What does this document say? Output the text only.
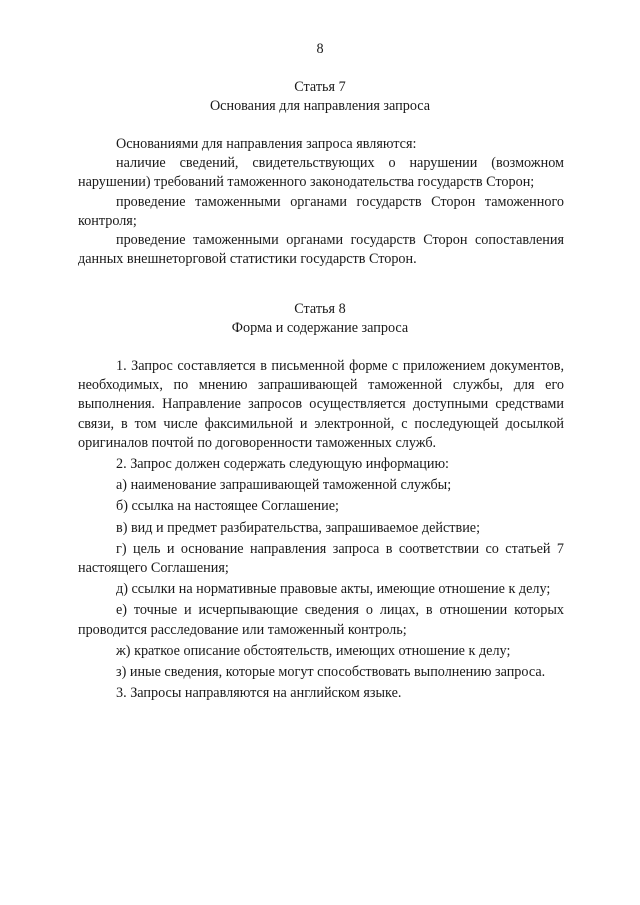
8
Статья 7
Основания для направления запроса

Основаниями для направления запроса являются:

наличие сведений, свидетельствующих о нарушении (возможном нарушении) требований таможенного законодательства государств Сторон;

проведение таможенными органами государств Сторон таможенного контроля;

проведение таможенными органами государств Сторон сопоставления данных внешнеторговой статистики государств Сторон.

Статья 8
Форма и содержание запроса

1. Запрос составляется в письменной форме с приложением документов, необходимых, по мнению запрашивающей таможенной службы, для его выполнения. Направление запросов осуществляется доступными средствами связи, в том числе факсимильной и электронной, с последующей досылкой оригиналов почтой по договоренности таможенных служб.

2. Запрос должен содержать следующую информацию:

а) наименование запрашивающей таможенной службы;

б) ссылка на настоящее Соглашение;

в) вид и предмет разбирательства, запрашиваемое действие;

г) цель и основание направления запроса в соответствии со статьей 7 настоящего Соглашения;

д) ссылки на нормативные правовые акты, имеющие отношение к делу;

е) точные и исчерпывающие сведения о лицах, в отношении которых проводится расследование или таможенный контроль;

ж) краткое описание обстоятельств, имеющих отношение к делу;

з) иные сведения, которые могут способствовать выполнению запроса.

3. Запросы направляются на английском языке.
